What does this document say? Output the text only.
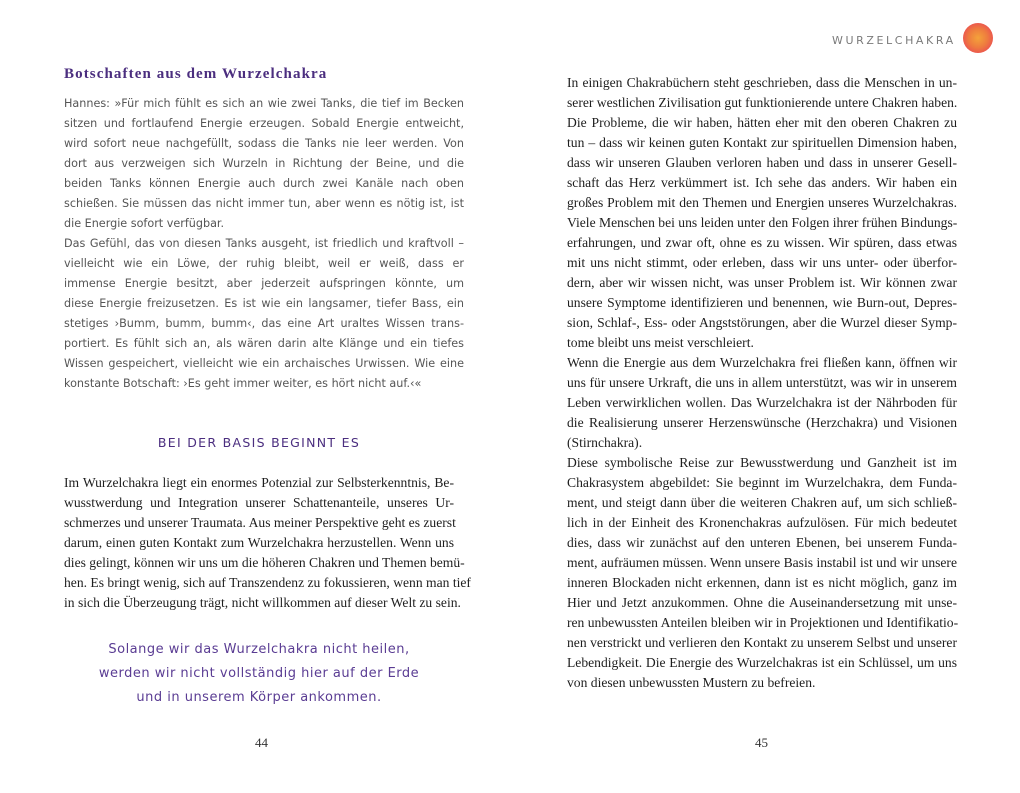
Botschaften aus dem Wurzelchakra
Hannes: »Für mich fühlt es sich an wie zwei Tanks, die tief im Becken
sitzen und fortlaufend Energie erzeugen. Sobald Energie entweicht,
wird sofort neue nachgefüllt, sodass die Tanks nie leer werden. Von
dort aus verzweigen sich Wurzeln in Richtung der Beine, und die
beiden Tanks können Energie auch durch zwei Kanäle nach oben
schießen. Sie müssen das nicht immer tun, aber wenn es nötig ist, ist
die Energie sofort verfügbar.
Das Gefühl, das von diesen Tanks ausgeht, ist friedlich und kraftvoll –
vielleicht wie ein Löwe, der ruhig bleibt, weil er weiß, dass er
immense Energie besitzt, aber jederzeit aufspringen könnte, um
diese Energie freizusetzen. Es ist wie ein langsamer, tiefer Bass, ein
stetiges ›Bumm, bumm, bumm‹, das eine Art uraltes Wissen trans-
portiert. Es fühlt sich an, als wären darin alte Klänge und ein tiefes
Wissen gespeichert, vielleicht wie ein archaisches Urwissen. Wie eine
konstante Botschaft: ›Es geht immer weiter, es hört nicht auf.‹«
BEI DER BASIS BEGINNT ES
Im Wurzelchakra liegt ein enormes Potenzial zur Selbsterkenntnis, Be-
wusstwerdung und Integration unserer Schattenanteile, unseres Ur-
schmerzes und unserer Traumata. Aus meiner Perspektive geht es zuerst
darum, einen guten Kontakt zum Wurzelchakra herzustellen. Wenn uns
dies gelingt, können wir uns um die höheren Chakren und Themen bemü-
hen. Es bringt wenig, sich auf Transzendenz zu fokussieren, wenn man tief
in sich die Überzeugung trägt, nicht willkommen auf dieser Welt zu sein.
Solange wir das Wurzelchakra nicht heilen,
werden wir nicht vollständig hier auf der Erde
und in unserem Körper ankommen.
44
WURZELCHAKRA
In einigen Chakrabüchern steht geschrieben, dass die Menschen in un-
serer westlichen Zivilisation gut funktionierende untere Chakren haben.
Die Probleme, die wir haben, hätten eher mit den oberen Chakren zu
tun – dass wir keinen guten Kontakt zur spirituellen Dimension haben,
dass wir unseren Glauben verloren haben und dass in unserer Gesell-
schaft das Herz verkümmert ist. Ich sehe das anders. Wir haben ein
großes Problem mit den Themen und Energien unseres Wurzelchakras.
Viele Menschen bei uns leiden unter den Folgen ihrer frühen Bindungs-
erfahrungen, und zwar oft, ohne es zu wissen. Wir spüren, dass etwas
mit uns nicht stimmt, oder erleben, dass wir uns unter- oder überfor-
dern, aber wir wissen nicht, was unser Problem ist. Wir können zwar
unsere Symptome identifizieren und benennen, wie Burn-out, Depres-
sion, Schlaf-, Ess- oder Angststörungen, aber die Wurzel dieser Symp-
tome bleibt uns meist verschleiert.
Wenn die Energie aus dem Wurzelchakra frei fließen kann, öffnen wir
uns für unsere Urkraft, die uns in allem unterstützt, was wir in unserem
Leben verwirklichen wollen. Das Wurzelchakra ist der Nährboden für
die Realisierung unserer Herzenswünsche (Herzchakra) und Visionen
(Stirnchakra).
Diese symbolische Reise zur Bewusstwerdung und Ganzheit ist im
Chakrasystem abgebildet: Sie beginnt im Wurzelchakra, dem Funda-
ment, und steigt dann über die weiteren Chakren auf, um sich schließ-
lich in der Einheit des Kronenchakras aufzulösen. Für mich bedeutet
dies, dass wir zunächst auf den unteren Ebenen, bei unserem Funda-
ment, aufräumen müssen. Wenn unsere Basis instabil ist und wir unsere
inneren Blockaden nicht erkennen, dann ist es nicht möglich, ganz im
Hier und Jetzt anzukommen. Ohne die Auseinandersetzung mit unse-
ren unbewussten Anteilen bleiben wir in Projektionen und Identifikatio-
nen verstrickt und verlieren den Kontakt zu unserem Selbst und unserer
Lebendigkeit. Die Energie des Wurzelchakras ist ein Schlüssel, um uns
von diesen unbewussten Mustern zu befreien.
45
